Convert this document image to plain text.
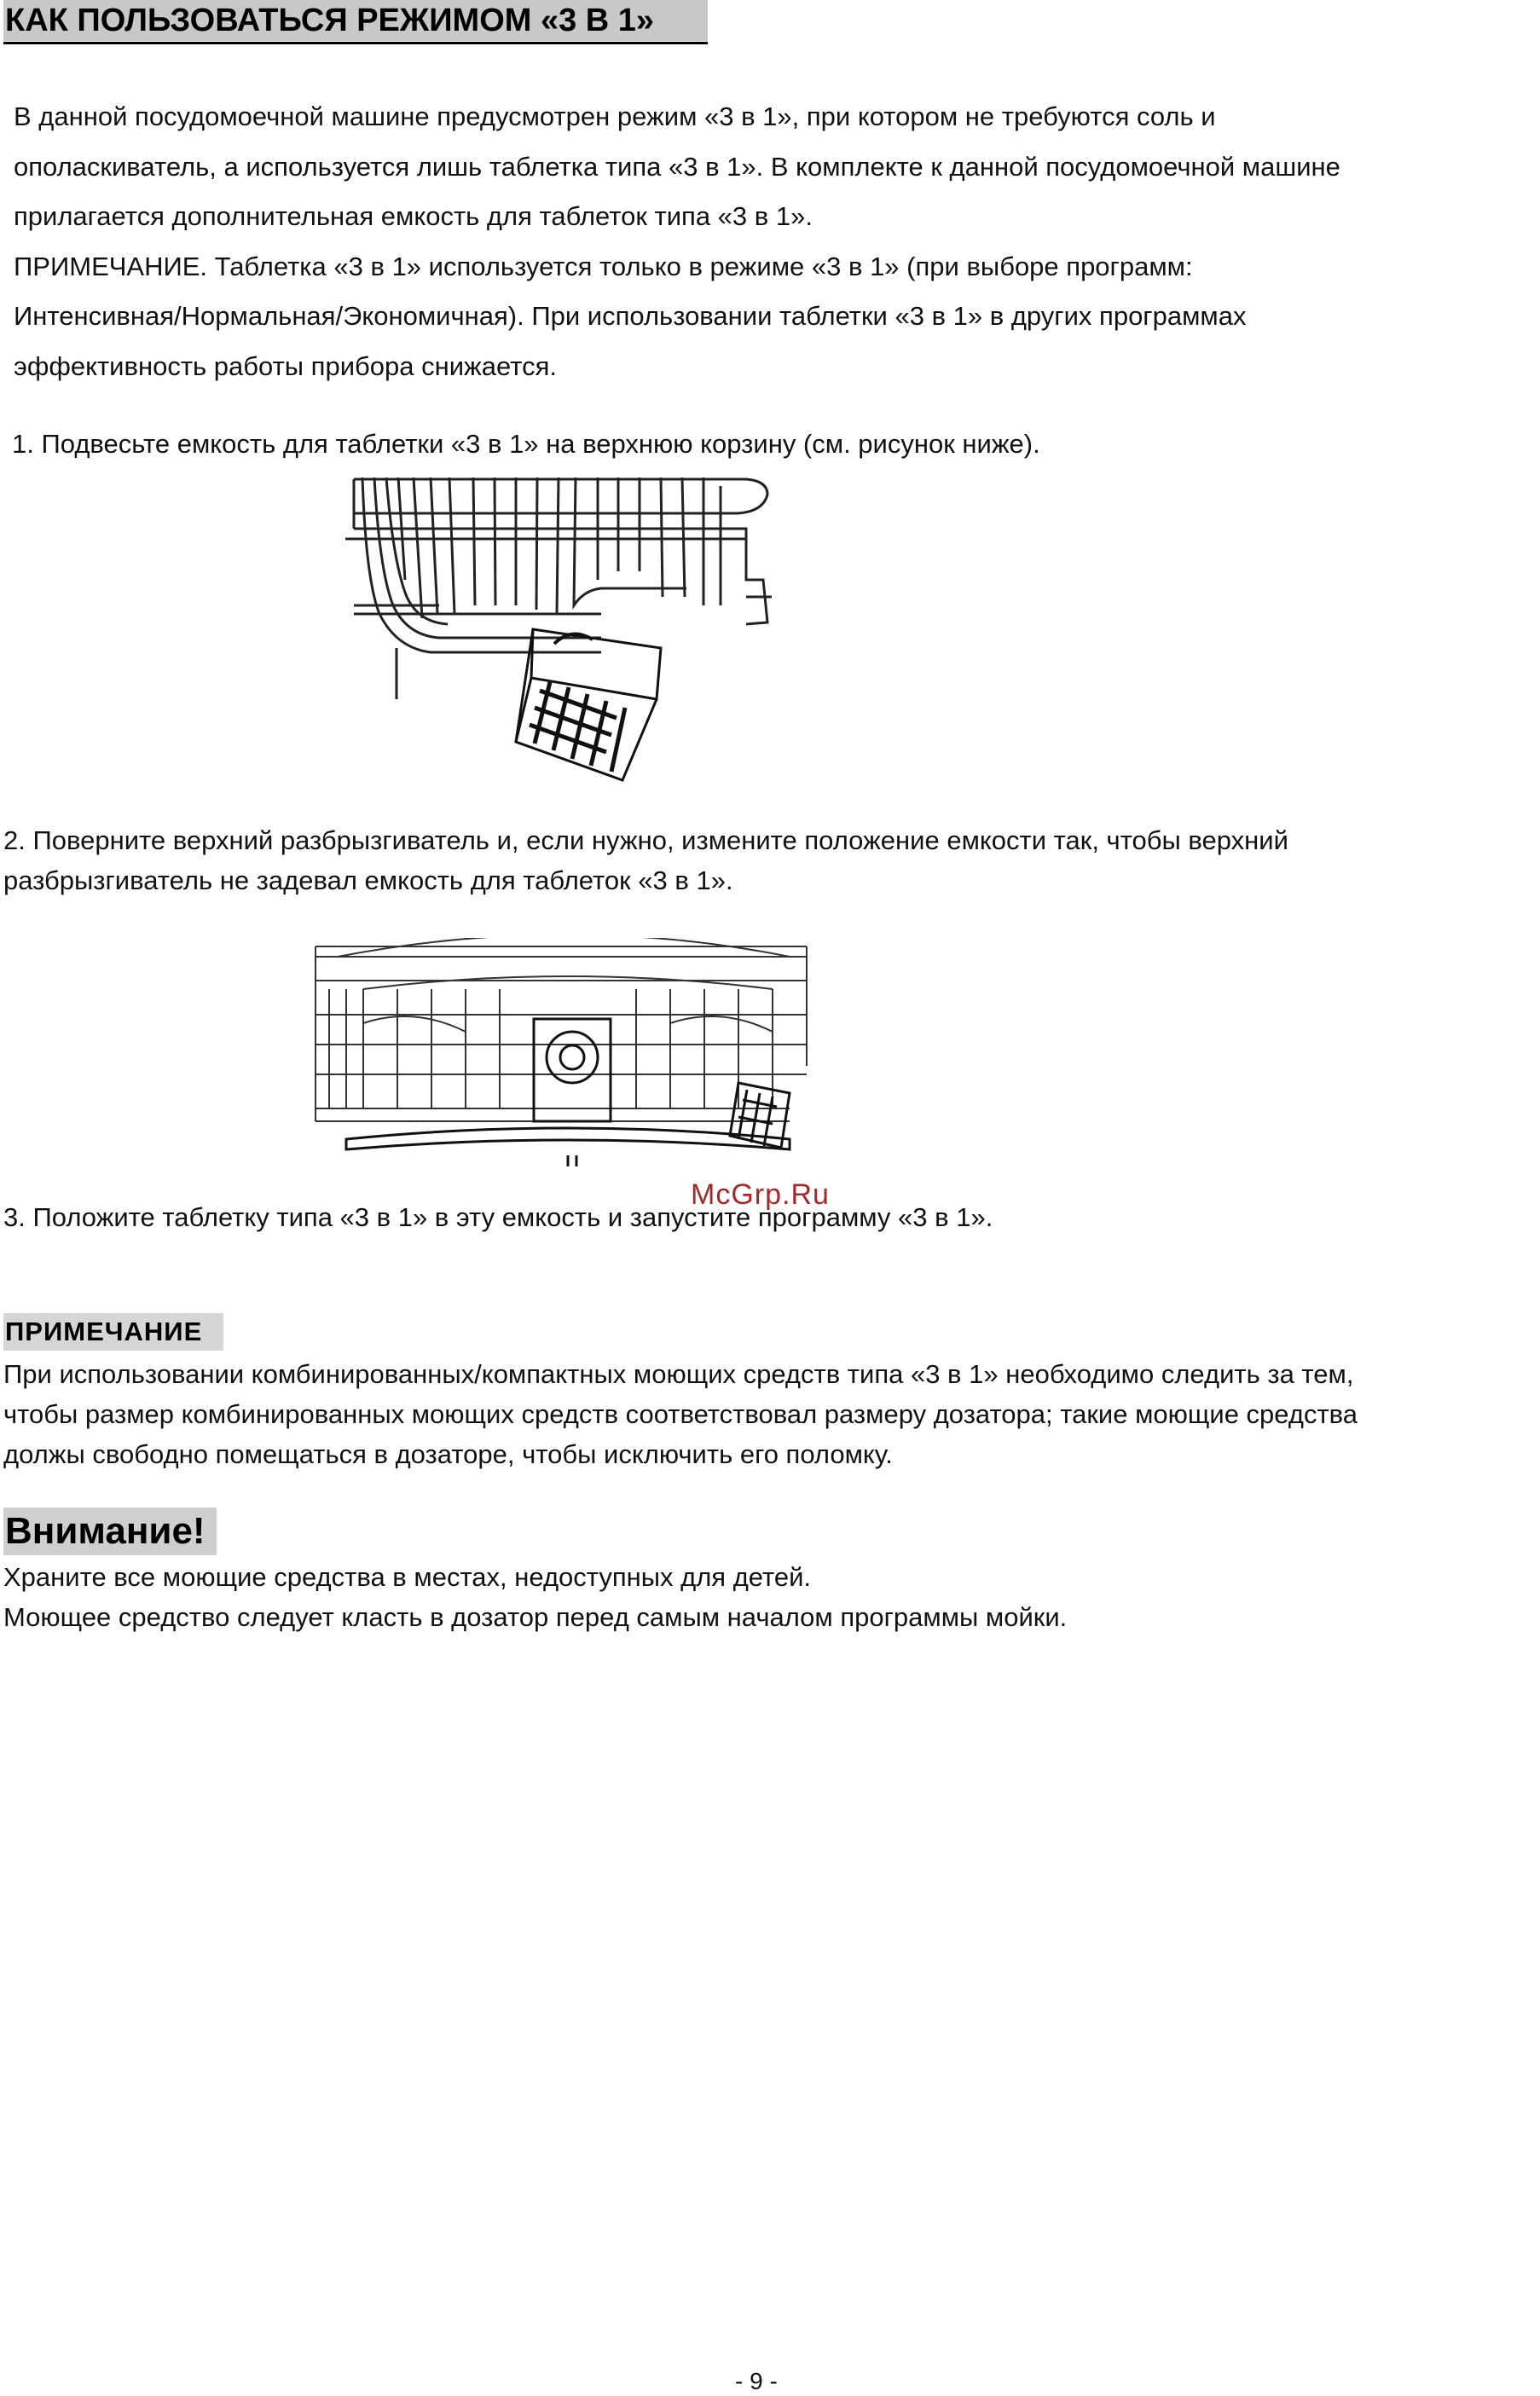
КАК ПОЛЬЗОВАТЬСЯ РЕЖИМОМ «3 В 1»
В данной посудомоечной машине предусмотрен режим «3 в 1», при котором не требуются соль и
ополаскиватель, а используется лишь таблетка типа «3 в 1». В комплекте к данной посудомоечной машине
прилагается дополнительная емкость для таблеток типа «3 в 1».
ПРИМЕЧАНИЕ. Таблетка «3 в 1» используется только в режиме «3 в 1» (при выборе программ:
Интенсивная/Нормальная/Экономичная). При использовании таблетки «3 в 1» в других программах
эффективность работы прибора снижается.
1. Подвесьте емкость для таблетки «3 в 1» на верхнюю корзину (см. рисунок ниже).
2. Поверните верхний разбрызгиватель и, если нужно, измените положение емкости так, чтобы верхний
разбрызгиватель не задевал емкость для таблеток «3 в 1».
McGrp.Ru
3. Положите таблетку типа «3 в 1» в эту емкость и запустите программу «3 в 1».
ПРИМЕЧАНИЕ
При использовании комбинированных/компактных моющих средств типа «3 в 1» необходимо следить за тем,
чтобы размер комбинированных моющих средств соответствовал размеру дозатора; такие моющие средства
должы свободно помещаться в дозаторе, чтобы исключить его поломку.
Внимание!
Храните все моющие средства в местах, недоступных для детей.
Моющее средство следует класть в дозатор перед самым началом программы мойки.
- 9 -
